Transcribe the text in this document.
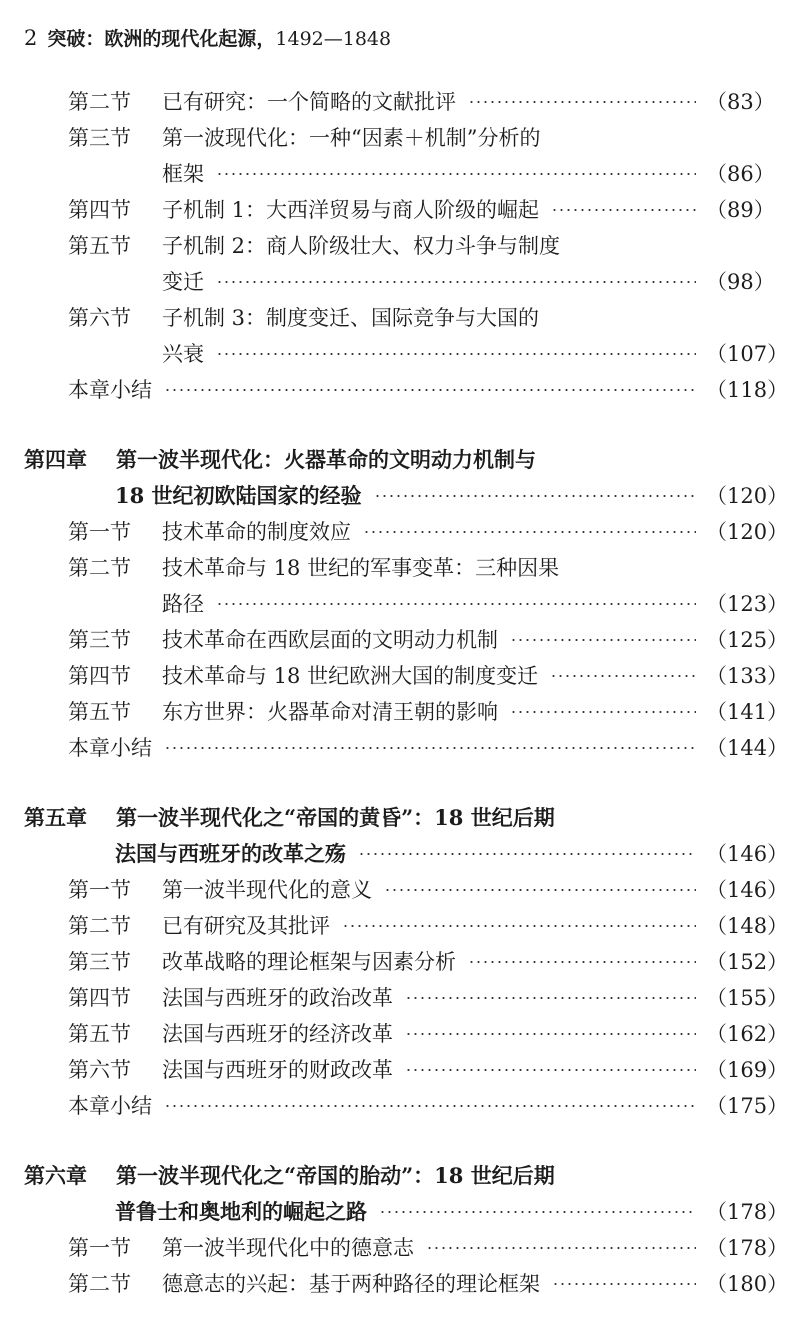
2 突破：欧洲的现代化起源， 1492—1848
第二节	已有研究：一个简略的文献批评	（83）
第三节	第一波现代化：一种“因素＋机制”分析的
框架	（86）
第四节	子机制 1：大西洋贸易与商人阶级的崛起	（89）
第五节	子机制 2：商人阶级壮大、权力斗争与制度
变迁	（98）
第六节	子机制 3：制度变迁、国际竞争与大国的
兴衰	（107）
本章小结	（118）
第四章	第一波半现代化：火器革命的文明动力机制与
18 世纪初欧陆国家的经验	（120）
第一节	技术革命的制度效应	（120）
第二节	技术革命与 18 世纪的军事变革：三种因果
路径	（123）
第三节	技术革命在西欧层面的文明动力机制	（125）
第四节	技术革命与 18 世纪欧洲大国的制度变迁	（133）
第五节	东方世界：火器革命对清王朝的影响	（141）
本章小结	（144）
第五章	第一波半现代化之“帝国的黄昏”：18 世纪后期
法国与西班牙的改革之殇	（146）
第一节	第一波半现代化的意义	（146）
第二节	已有研究及其批评	（148）
第三节	改革战略的理论框架与因素分析	（152）
第四节	法国与西班牙的政治改革	（155）
第五节	法国与西班牙的经济改革	（162）
第六节	法国与西班牙的财政改革	（169）
本章小结	（175）
第六章	第一波半现代化之“帝国的胎动”：18 世纪后期
普鲁士和奥地利的崛起之路	（178）
第一节	第一波半现代化中的德意志	（178）
第二节	德意志的兴起：基于两种路径的理论框架	（180）
